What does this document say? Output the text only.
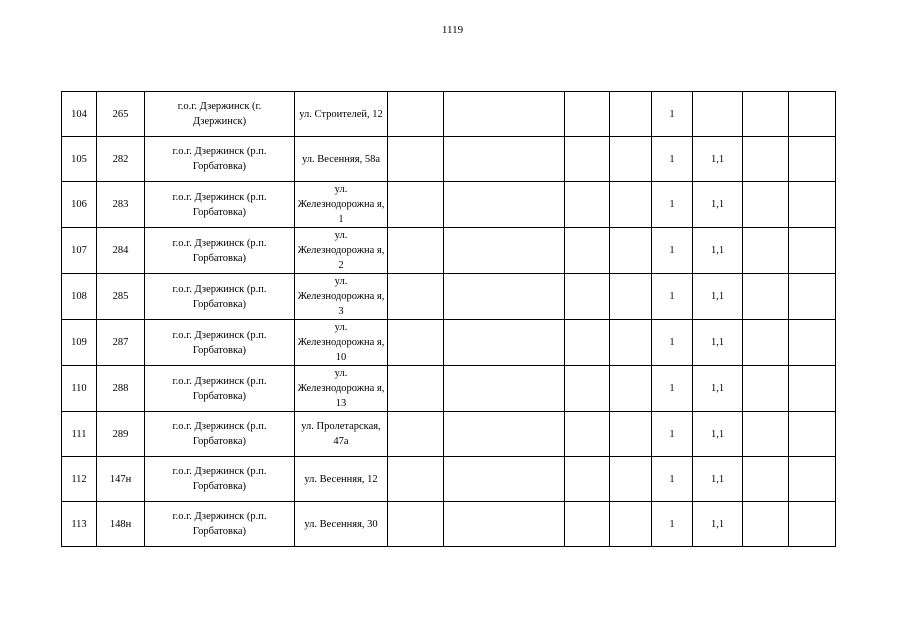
1119
104	265	г.о.г. Дзержинск (г. Дзержинск)	ул. Строителей, 12					1			
105	282	г.о.г. Дзержинск (р.п. Горбатовка)	ул. Весенняя, 58а					1	1,1		
106	283	г.о.г. Дзержинск (р.п. Горбатовка)	ул. Железнодорожна я, 1					1	1,1		
107	284	г.о.г. Дзержинск (р.п. Горбатовка)	ул. Железнодорожна я, 2					1	1,1		
108	285	г.о.г. Дзержинск (р.п. Горбатовка)	ул. Железнодорожна я, 3					1	1,1		
109	287	г.о.г. Дзержинск (р.п. Горбатовка)	ул. Железнодорожна я, 10					1	1,1		
110	288	г.о.г. Дзержинск (р.п. Горбатовка)	ул. Железнодорожна я, 13					1	1,1		
111	289	г.о.г. Дзержинск (р.п. Горбатовка)	ул. Пролетарская, 47а					1	1,1		
112	147н	г.о.г. Дзержинск (р.п. Горбатовка)	ул. Весенняя, 12					1	1,1		
113	148н	г.о.г. Дзержинск (р.п. Горбатовка)	ул. Весенняя, 30					1	1,1		
